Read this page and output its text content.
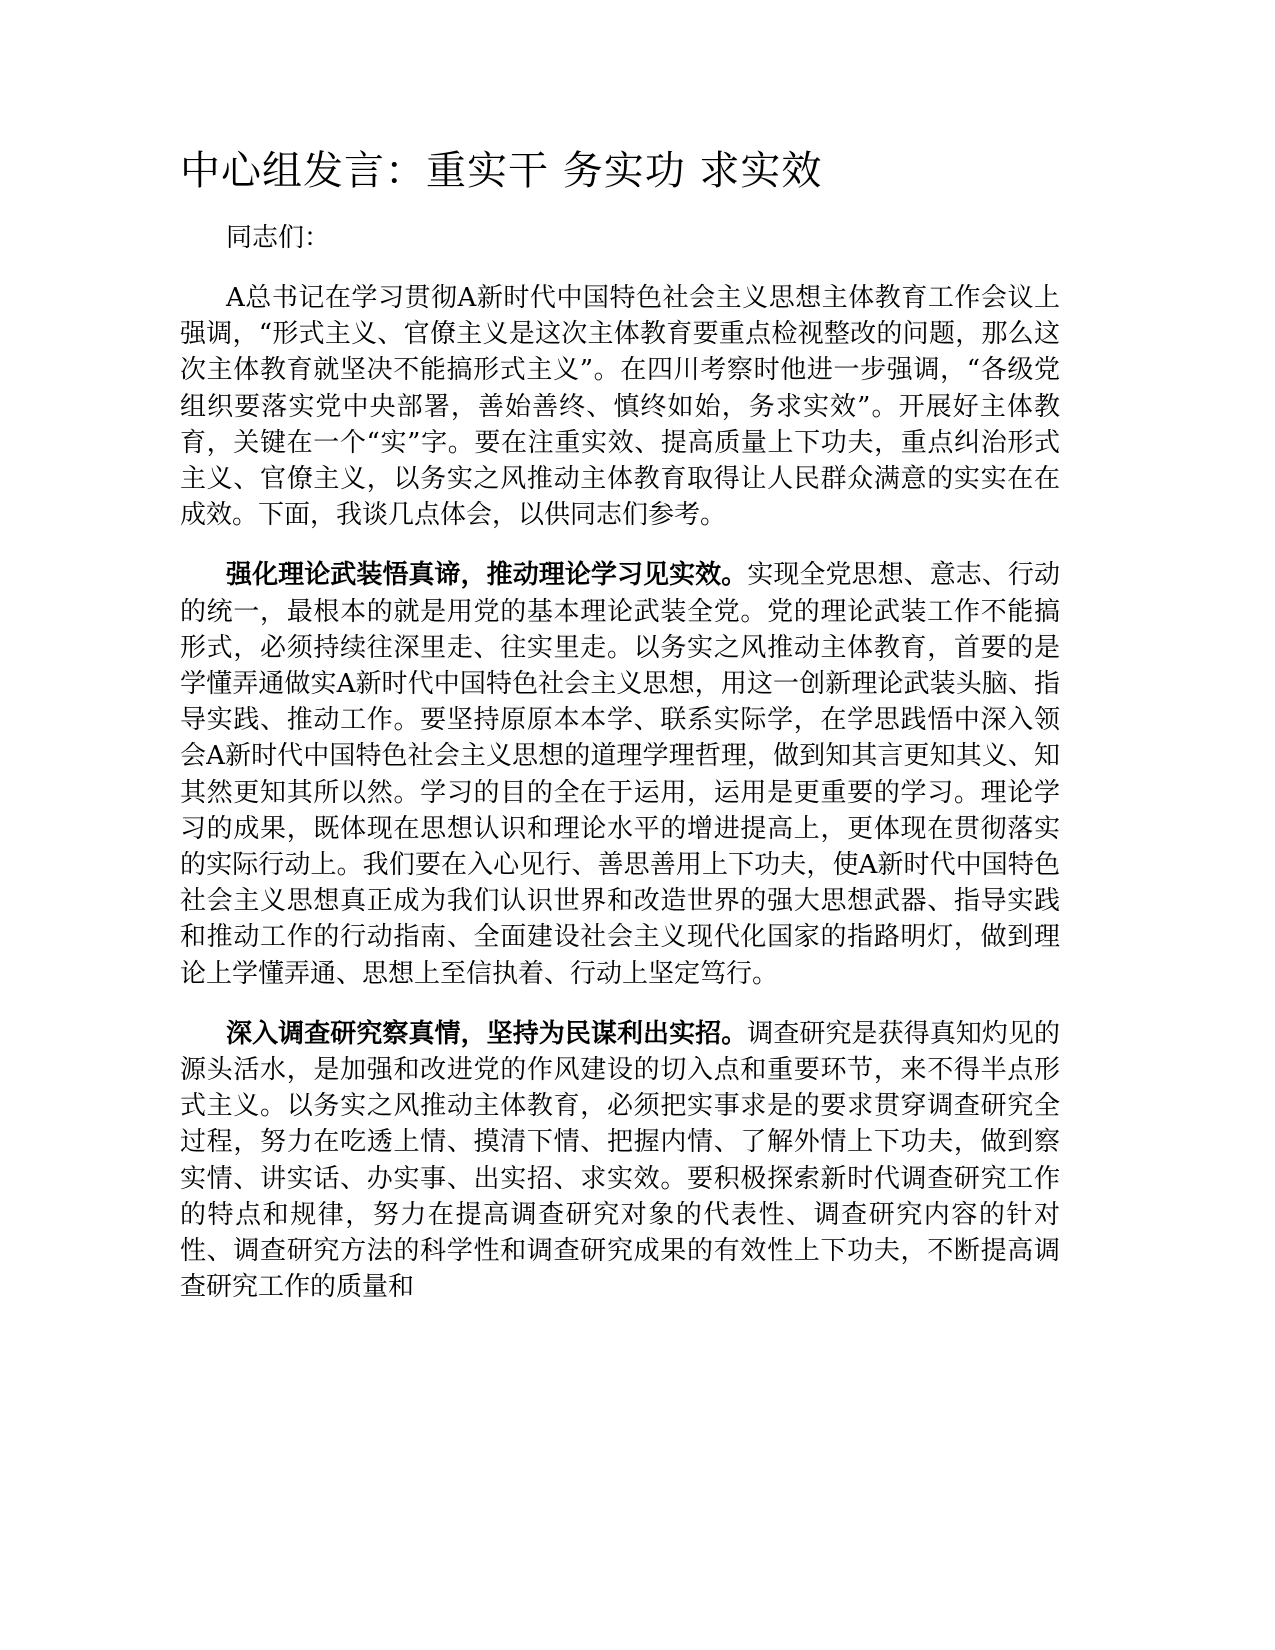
中心组发言：重实干 务实功 求实效

同志们：

A总书记在学习贯彻A新时代中国特色社会主义思想主体教育工作会议上强调，“形式主义、官僚主义是这次主体教育要重点检视整改的问题，那么这次主体教育就坚决不能搞形式主义”。在四川考察时他进一步强调，“各级党组织要落实党中央部署，善始善终、慎终如始，务求实效”。开展好主体教育，关键在一个“实”字。要在注重实效、提高质量上下功夫，重点纠治形式主义、官僚主义，以务实之风推动主体教育取得让人民群众满意的实实在在成效。下面，我谈几点体会，以供同志们参考。

强化理论武装悟真谛，推动理论学习见实效。实现全党思想、意志、行动的统一，最根本的就是用党的基本理论武装全党。党的理论武装工作不能搞形式，必须持续往深里走、往实里走。以务实之风推动主体教育，首要的是学懂弄通做实A新时代中国特色社会主义思想，用这一创新理论武装头脑、指导实践、推动工作。要坚持原原本本学、联系实际学，在学思践悟中深入领会A新时代中国特色社会主义思想的道理学理哲理，做到知其言更知其义、知其然更知其所以然。学习的目的全在于运用，运用是更重要的学习。理论学习的成果，既体现在思想认识和理论水平的增进提高上，更体现在贯彻落实的实际行动上。我们要在入心见行、善思善用上下功夫，使A新时代中国特色社会主义思想真正成为我们认识世界和改造世界的强大思想武器、指导实践和推动工作的行动指南、全面建设社会主义现代化国家的指路明灯，做到理论上学懂弄通、思想上至信执着、行动上坚定笃行。

深入调查研究察真情，坚持为民谋利出实招。调查研究是获得真知灼见的源头活水，是加强和改进党的作风建设的切入点和重要环节，来不得半点形式主义。以务实之风推动主体教育，必须把实事求是的要求贯穿调查研究全过程，努力在吃透上情、摸清下情、把握内情、了解外情上下功夫，做到察实情、讲实话、办实事、出实招、求实效。要积极探索新时代调查研究工作的特点和规律，努力在提高调查研究对象的代表性、调查研究内容的针对性、调查研究方法的科学性和调查研究成果的有效性上下功夫，不断提高调查研究工作的质量和
